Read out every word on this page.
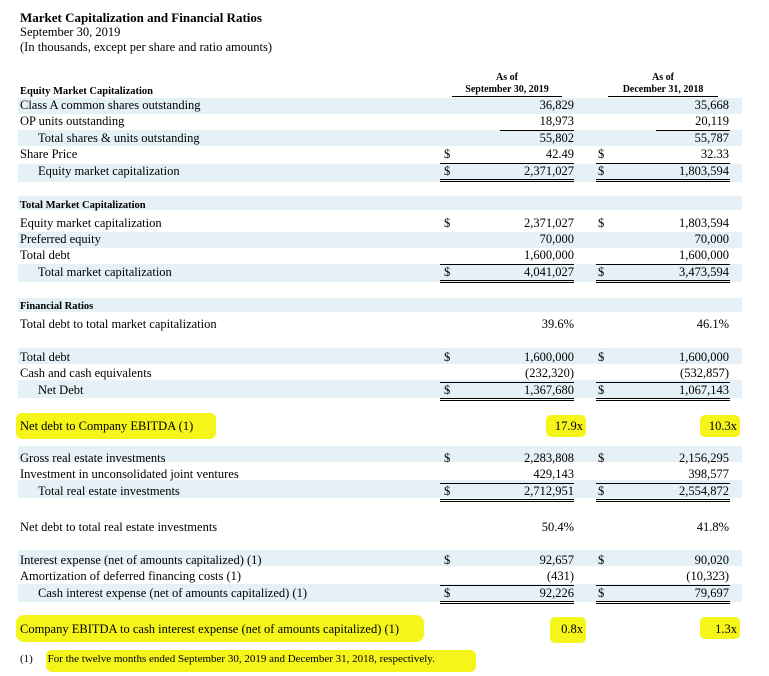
Market Capitalization and Financial Ratios
September 30, 2019
(In thousands, except per share and ratio amounts)
As of
September 30, 2019
As of
December 31, 2018
Equity Market Capitalization
Class A common shares outstanding	36,829	35,668
OP units outstanding	18,973	20,119
Total shares & units outstanding	55,802	55,787
Share Price	$	42.49 $	32.33
Equity market capitalization	$	2,371,027 $	1,803,594
Total Market Capitalization
Equity market capitalization	$	2,371,027 $	1,803,594
Preferred equity	70,000	70,000
Total debt	1,600,000	1,600,000
Total market capitalization	$	4,041,027 $	3,473,594
Financial Ratios
Total debt to total market capitalization	39.6%	46.1%
Total debt	$	1,600,000 $	1,600,000
Cash and cash equivalents	(232,320)	(532,857)
Net Debt	$	1,367,680 $	1,067,143
Net debt to Company EBITDA (1)	17.9x	10.3x
Gross real estate investments	$	2,283,808 $	2,156,295
Investment in unconsolidated joint ventures	429,143	398,577
Total real estate investments	$	2,712,951 $	2,554,872
Net debt to total real estate investments	50.4%	41.8%
Interest expense (net of amounts capitalized) (1)	$	92,657 $	90,020
Amortization of deferred financing costs (1)	(431)	(10,323)
Cash interest expense (net of amounts capitalized) (1)	$	92,226 $	79,697
Company EBITDA to cash interest expense (net of amounts capitalized) (1)	0.8x	1.3x
(1) For the twelve months ended September 30, 2019 and December 31, 2018, respectively.
